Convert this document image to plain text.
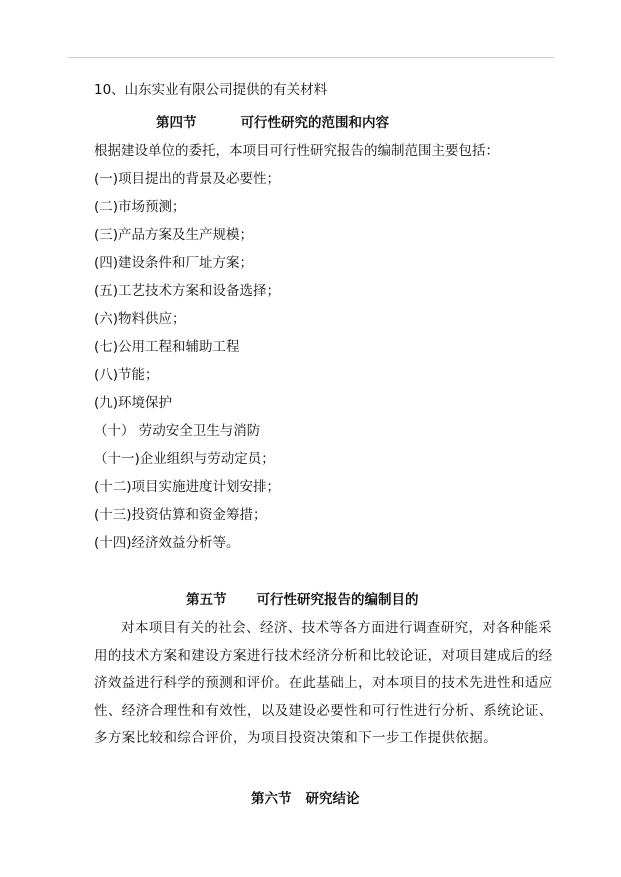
10、山东实业有限公司提供的有关材料
第四节	可行性研究的范围和内容
根据建设单位的委托，本项目可行性研究报告的编制范围主要包括：
(一)项目提出的背景及必要性；
(二)市场预测；
(三)产品方案及生产规模；
(四)建设条件和厂址方案；
(五)工艺技术方案和设备选择；
(六)物料供应；
(七)公用工程和辅助工程
(八)节能；
(九)环境保护
（十） 劳动安全卫生与消防
（十一)企业组织与劳动定员；
(十二)项目实施进度计划安排；
(十三)投资估算和资金筹措；
(十四)经济效益分析等。
第五节 可行性研究报告的编制目的
对本项目有关的社会、经济、技术等各方面进行调查研究，对各种能采用的技术方案和建设方案进行技术经济分析和比较论证，对项目建成后的经济效益进行科学的预测和评价。在此基础上，对本项目的技术先进性和适应性、经济合理性和有效性，以及建设必要性和可行性进行分析、系统论证、多方案比较和综合评价，为项目投资决策和下一步工作提供依据。
第六节 研究结论
